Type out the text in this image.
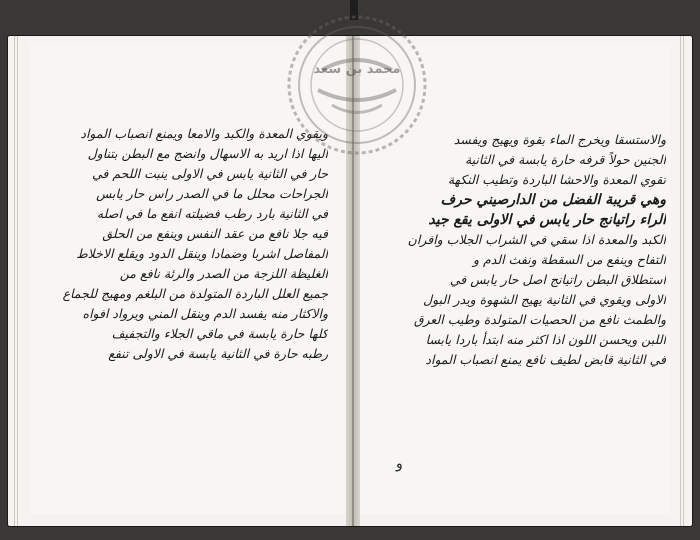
ويقوي المعدة والكبد والامعا ويمنع انصباب المواد
اليها اذا اريد به الاسهال وانضج مع البطن بتناول
حار في الثانية يابس في الاولى ينبت اللحم في
الجراحات محلل ما في الصدر راس حار يابس
في الثانية بارد رطب فضيلته انفع ما في اصله
فيه جلا نافع من عقد النفس وينفع من الحلق
المفاصل اشربا وضمادا وينقل الدود ويقلع الاخلاط
الغليظة اللزجة من الصدر والرئة نافع من
جميع العلل الباردة المتولدة من البلغم ومهيج للجماع
والاكثار منه يفسد الدم وينقل المني ويرواد افواه
كلها حارة يابسة في ماقي الجلاء والتجفيف
رطبه حارة في الثانية يابسة في الاولى تنفع
والاستسقا ويخرج الماء بقوة ويهيج ويفسد
الجنين حولاً قرفه حارة يابسة في الثانية
تقوي المعدة والاحشا الباردة وتطيب النكهة
وهي قريبة الفضل من الدارصيني حرف
الراء راتيانج حار يابس في الاولى يقع جيد
الكبد والمعدة اذا سقي في الشراب الجلاب وافران
التفاح وينفع من السقطة ونفث الدم و
استطلاق البطن راتيانج اصل حار يابس في
الاولى ويقوي في الثانية يهيج الشهوة ويدر البول
والطمث نافع من الحصيات المتولدة وطيب العرق
اللبن ويحسن اللون اذا اكثر منه ابتدأ باردا يابسا
في الثانية قابض لطيف نافع يمنع انصباب المواد
و
محمد بن سعد
